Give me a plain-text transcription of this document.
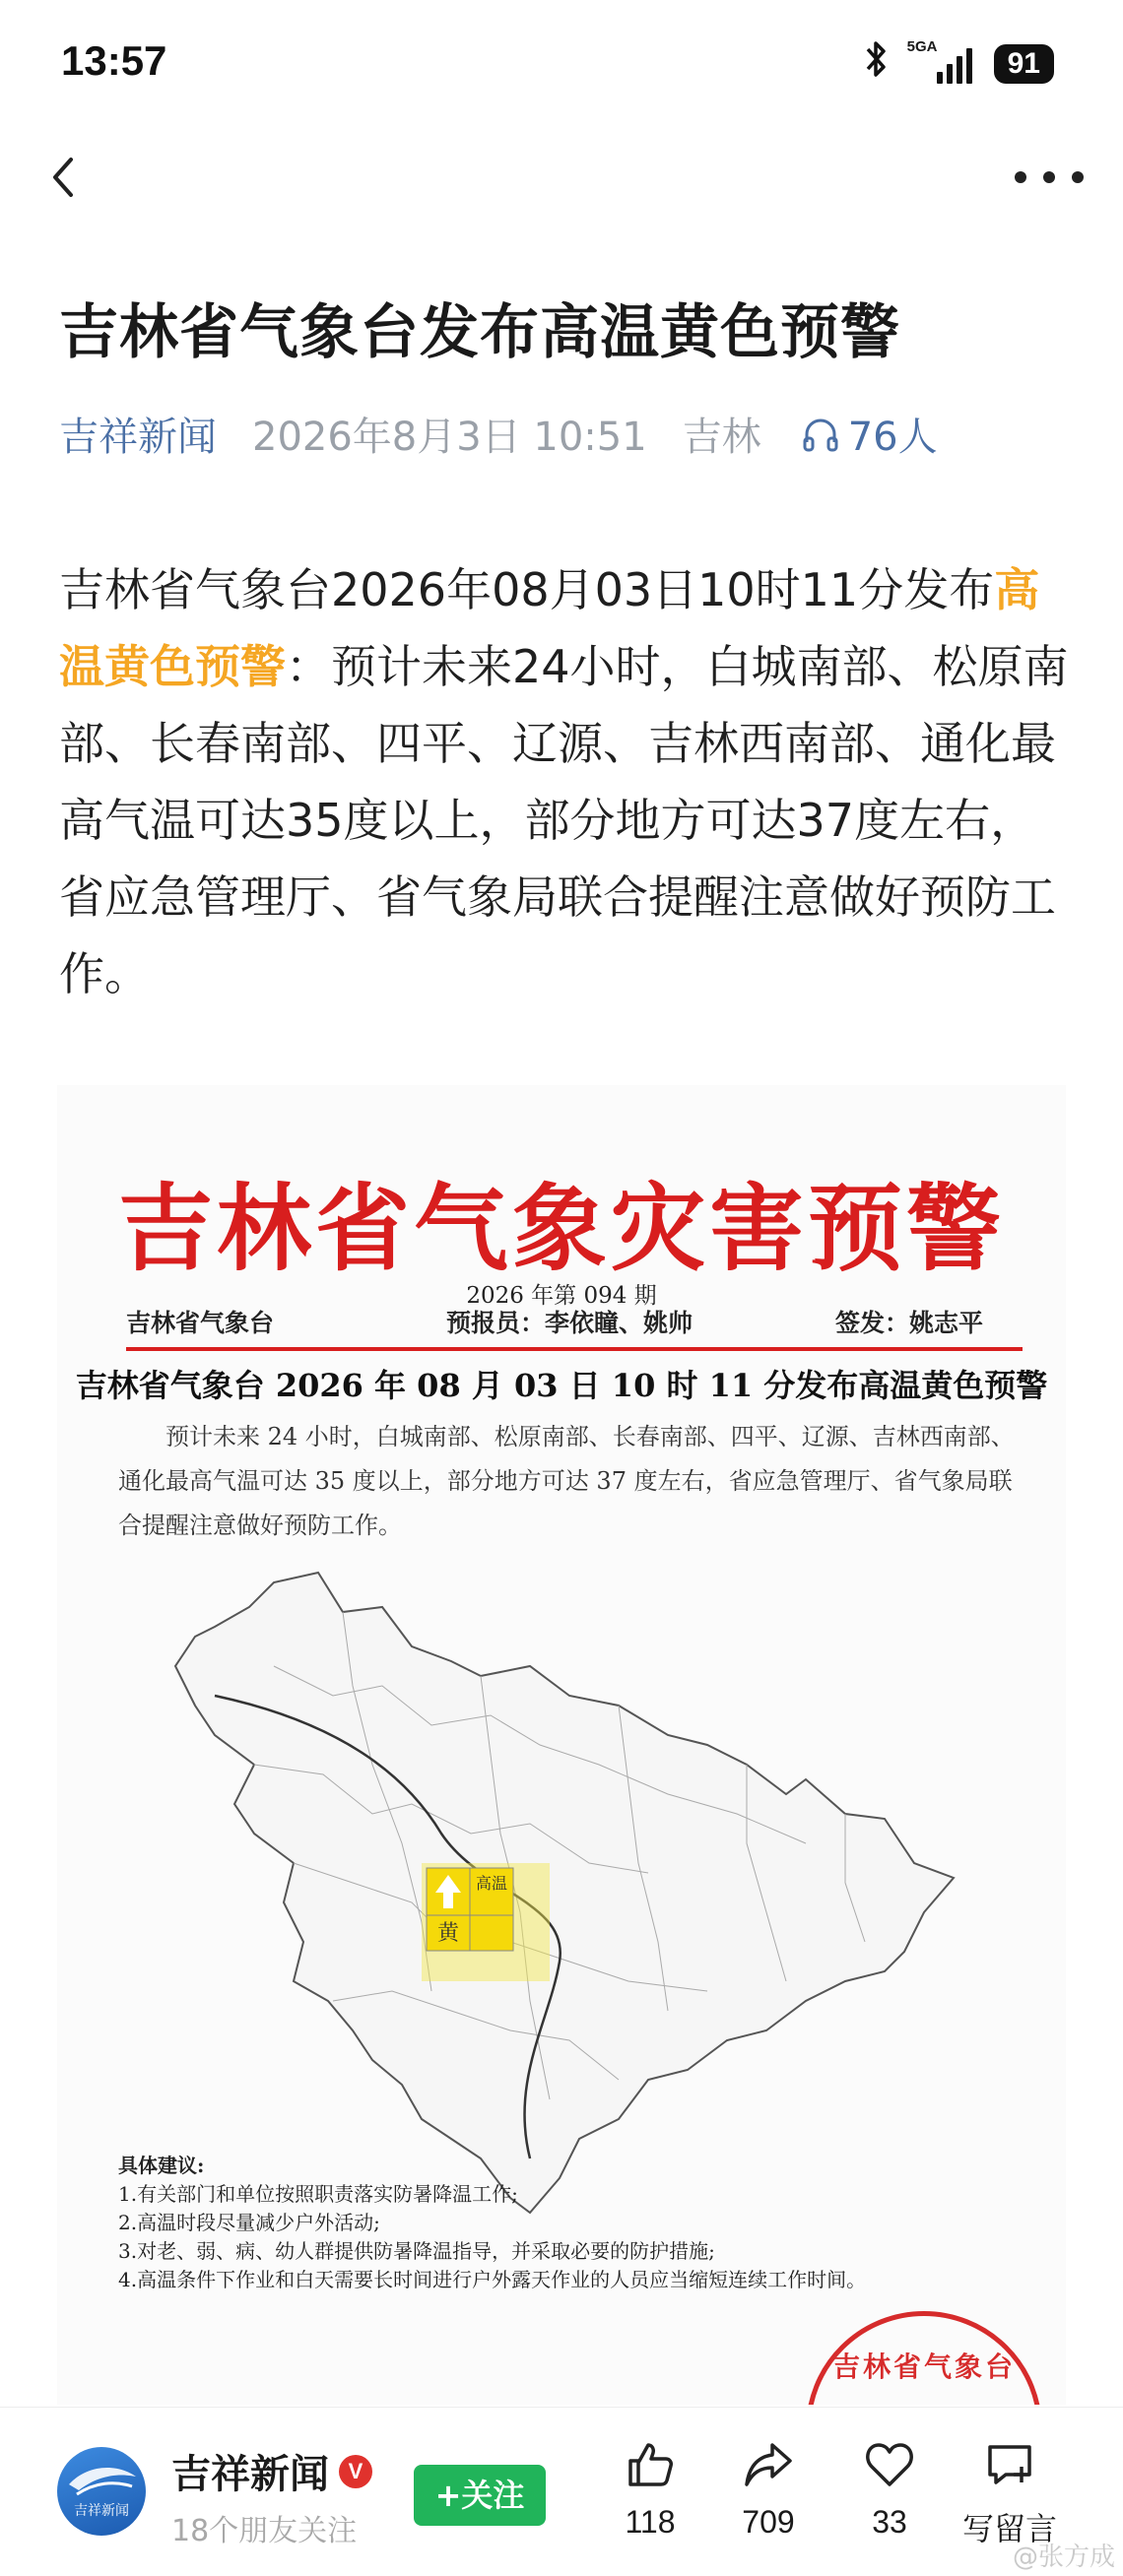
13:57	5GA
91
吉林省气象台发布高温黄色预警
吉祥新闻 2026年8月3日 10:51 吉林 76人

吉林省气象台2026年08月03日10时11分发布高温黄色预警：预计未来24小时，白城南部、松原南部、长春南部、四平、辽源、吉林西南部、通化最高气温可达35度以上，部分地方可达37度左右，省应急管理厅、省气象局联合提醒注意做好预防工作。

吉林省气象灾害预警
2026 年第 094 期
吉林省气象台	预报员：李依瞳、姚帅	签发：姚志平
吉林省气象台 2026 年 08 月 03 日 10 时 11 分发布高温黄色预警
预计未来 24 小时，白城南部、松原南部、长春南部、四平、辽源、吉林西南部、通化最高气温可达 35 度以上，部分地方可达 37 度左右，省应急管理厅、省气象局联合提醒注意做好预防工作。
高温
黄
具体建议:
1.有关部门和单位按照职责落实防暑降温工作;
2.高温时段尽量减少户外活动;
3.对老、弱、病、幼人群提供防暑降温指导，并采取必要的防护措施;
4.高温条件下作业和白天需要长时间进行户外露天作业的人员应当缩短连续工作时间。
吉林省气象台
吉祥新闻
吉祥新闻 V
18个朋友关注
+关注
118	709	33	写留言
@张方成
